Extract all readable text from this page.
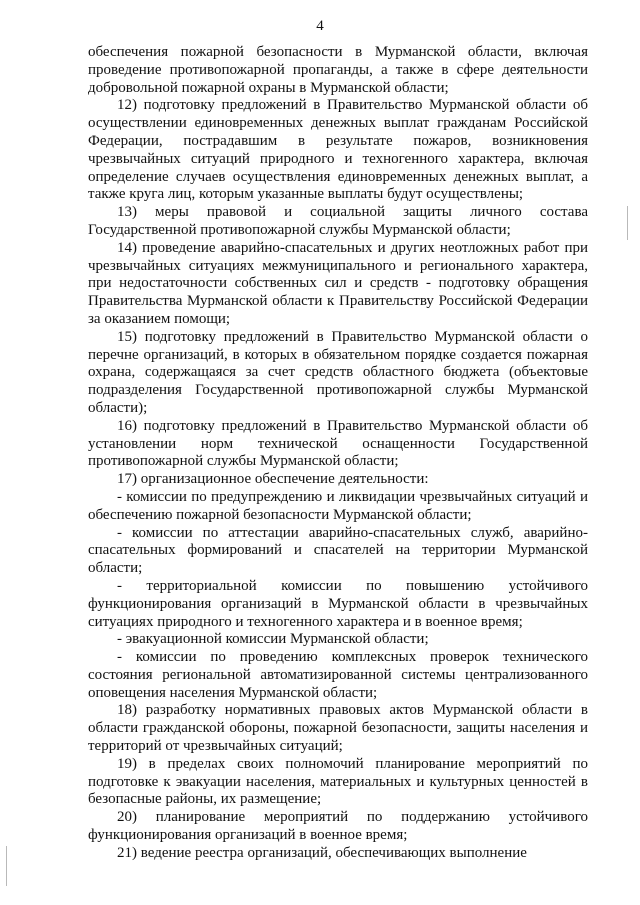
4

обеспечения пожарной безопасности в Мурманской области, включая проведение противопожарной пропаганды, а также в сфере деятельности добровольной пожарной охраны в Мурманской области;

12) подготовку предложений в Правительство Мурманской области об осуществлении единовременных денежных выплат гражданам Российской Федерации, пострадавшим в результате пожаров, возникновения чрезвычайных ситуаций природного и техногенного характера, включая определение случаев осуществления единовременных денежных выплат, а также круга лиц, которым указанные выплаты будут осуществлены;

13) меры правовой и социальной защиты личного состава Государственной противопожарной службы Мурманской области;

14) проведение аварийно-спасательных и других неотложных работ при чрезвычайных ситуациях межмуниципального и регионального характера, при недостаточности собственных сил и средств - подготовку обращения Правительства Мурманской области к Правительству Российской Федерации за оказанием помощи;

15) подготовку предложений в Правительство Мурманской области о перечне организаций, в которых в обязательном порядке создается пожарная охрана, содержащаяся за счет средств областного бюджета (объектовые подразделения Государственной противопожарной службы Мурманской области);

16) подготовку предложений в Правительство Мурманской области об установлении норм технической оснащенности Государственной противопожарной службы Мурманской области;

17) организационное обеспечение деятельности:

- комиссии по предупреждению и ликвидации чрезвычайных ситуаций и обеспечению пожарной безопасности Мурманской области;

- комиссии по аттестации аварийно-спасательных служб, аварийно-спасательных формирований и спасателей на территории Мурманской области;

- территориальной комиссии по повышению устойчивого функционирования организаций в Мурманской области в чрезвычайных ситуациях природного и техногенного характера и в военное время;

- эвакуационной комиссии Мурманской области;

- комиссии по проведению комплексных проверок технического состояния региональной автоматизированной системы централизованного оповещения населения Мурманской области;

18) разработку нормативных правовых актов Мурманской области в области гражданской обороны, пожарной безопасности, защиты населения и территорий от чрезвычайных ситуаций;

19) в пределах своих полномочий планирование мероприятий по подготовке к эвакуации населения, материальных и культурных ценностей в безопасные районы, их размещение;

20) планирование мероприятий по поддержанию устойчивого функционирования организаций в военное время;

21) ведение реестра организаций, обеспечивающих выполнение
